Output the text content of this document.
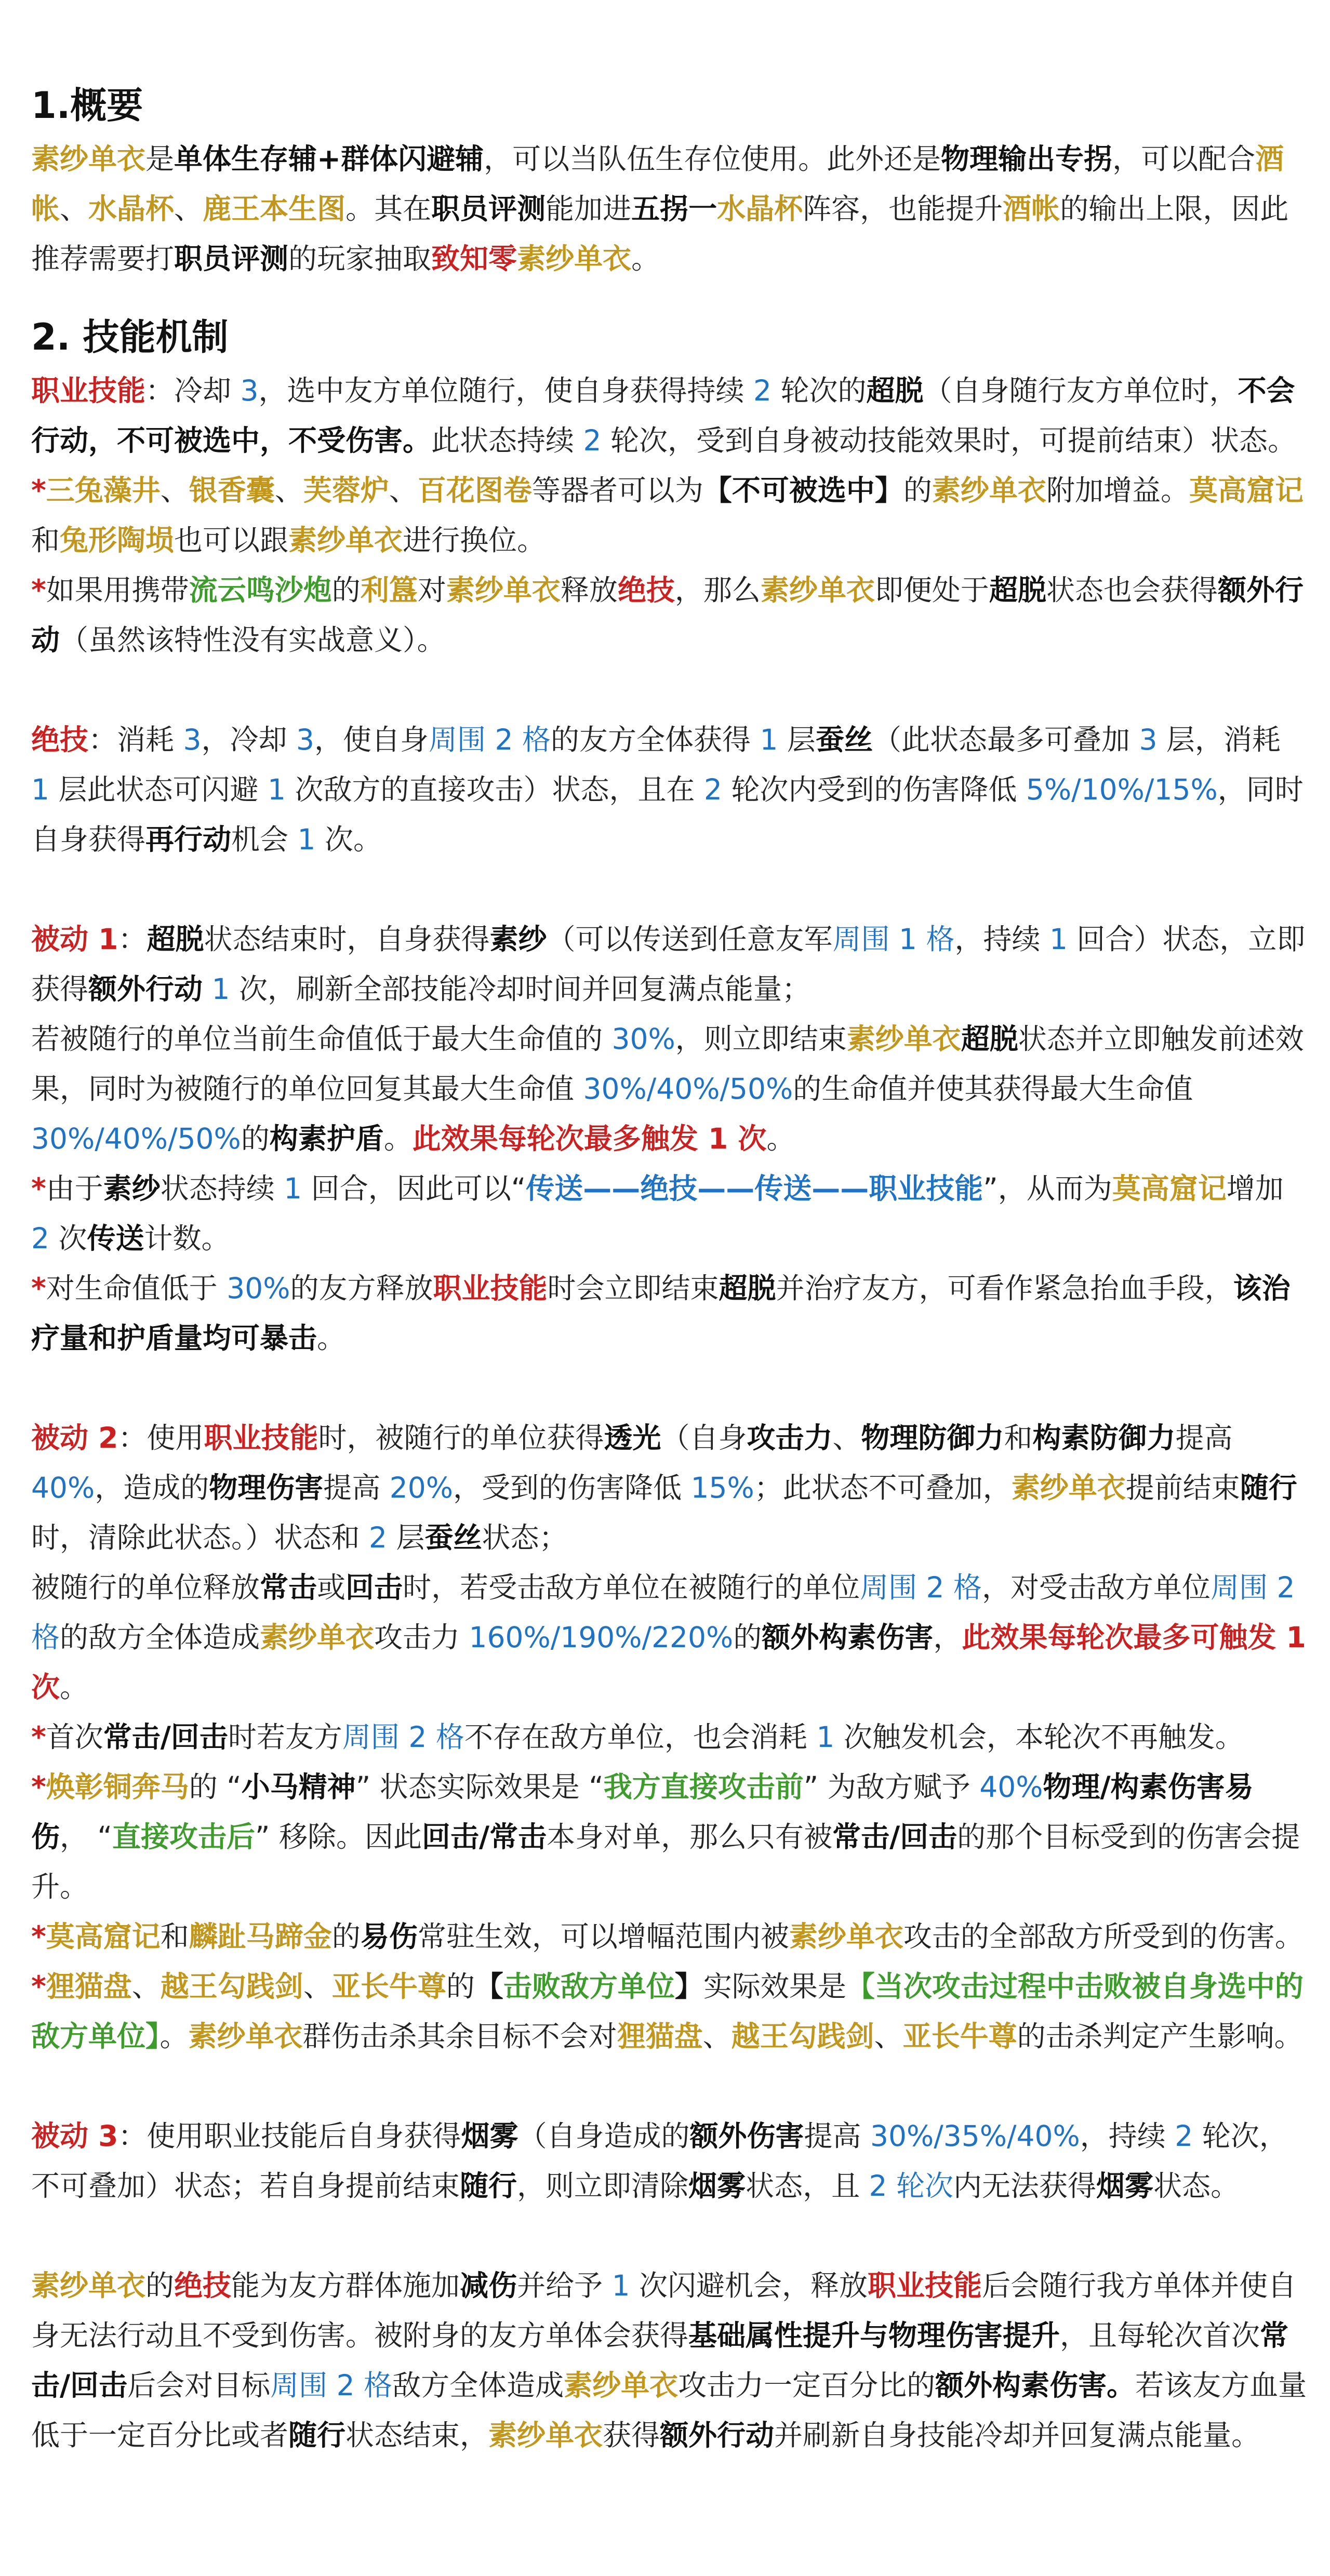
1.概要

素纱单衣是单体生存辅+群体闪避辅，可以当队伍生存位使用。此外还是物理输出专拐，可以配合酒帐、水晶杯、鹿王本生图。其在职员评测能加进五拐一水晶杯阵容，也能提升酒帐的输出上限，因此推荐需要打职员评测的玩家抽取致知零素纱单衣。

2. 技能机制

职业技能：冷却 3，选中友方单位随行，使自身获得持续 2 轮次的超脱（自身随行友方单位时，不会行动，不可被选中，不受伤害。此状态持续 2 轮次，受到自身被动技能效果时，可提前结束）状态。

*三兔藻井、银香囊、芙蓉炉、百花图卷等器者可以为【不可被选中】的素纱单衣附加增益。莫高窟记和兔形陶埙也可以跟素纱单衣进行换位。

*如果用携带流云鸣沙炮的利簋对素纱单衣释放绝技，那么素纱单衣即便处于超脱状态也会获得额外行动（虽然该特性没有实战意义）。

绝技：消耗 3，冷却 3，使自身周围 2 格的友方全体获得 1 层蚕丝（此状态最多可叠加 3 层，消耗 1 层此状态可闪避 1 次敌方的直接攻击）状态，且在 2 轮次内受到的伤害降低 5%/10%/15%，同时自身获得再行动机会 1 次。

被动 1：超脱状态结束时，自身获得素纱（可以传送到任意友军周围 1 格，持续 1 回合）状态，立即获得额外行动 1 次，刷新全部技能冷却时间并回复满点能量；

若被随行的单位当前生命值低于最大生命值的 30%，则立即结束素纱单衣超脱状态并立即触发前述效果，同时为被随行的单位回复其最大生命值 30%/40%/50%的生命值并使其获得最大生命值 30%/40%/50%的构素护盾。此效果每轮次最多触发 1 次。

*由于素纱状态持续 1 回合，因此可以“传送——绝技——传送——职业技能”，从而为莫高窟记增加 2 次传送计数。

*对生命值低于 30%的友方释放职业技能时会立即结束超脱并治疗友方，可看作紧急抬血手段，该治疗量和护盾量均可暴击。

被动 2：使用职业技能时，被随行的单位获得透光（自身攻击力、物理防御力和构素防御力提高 40%，造成的物理伤害提高 20%，受到的伤害降低 15%；此状态不可叠加，素纱单衣提前结束随行时，清除此状态。）状态和 2 层蚕丝状态；

被随行的单位释放常击或回击时，若受击敌方单位在被随行的单位周围 2 格，对受击敌方单位周围 2 格的敌方全体造成素纱单衣攻击力 160%/190%/220%的额外构素伤害，此效果每轮次最多可触发 1 次。

*首次常击/回击时若友方周围 2 格不存在敌方单位，也会消耗 1 次触发机会，本轮次不再触发。

*焕彰铜奔马的 “小马精神” 状态实际效果是 “我方直接攻击前” 为敌方赋予 40%物理/构素伤害易伤， “直接攻击后” 移除。因此回击/常击本身对单，那么只有被常击/回击的那个目标受到的伤害会提升。

*莫高窟记和麟趾马蹄金的易伤常驻生效，可以增幅范围内被素纱单衣攻击的全部敌方所受到的伤害。

*狸猫盘、越王勾践剑、亚长牛尊的【击败敌方单位】实际效果是【当次攻击过程中击败被自身选中的敌方单位】。素纱单衣群伤击杀其余目标不会对狸猫盘、越王勾践剑、亚长牛尊的击杀判定产生影响。

被动 3：使用职业技能后自身获得烟雾（自身造成的额外伤害提高 30%/35%/40%，持续 2 轮次，不可叠加）状态；若自身提前结束随行，则立即清除烟雾状态，且 2 轮次内无法获得烟雾状态。

素纱单衣的绝技能为友方群体施加减伤并给予 1 次闪避机会，释放职业技能后会随行我方单体并使自身无法行动且不受到伤害。被附身的友方单体会获得基础属性提升与物理伤害提升，且每轮次首次常击/回击后会对目标周围 2 格敌方全体造成素纱单衣攻击力一定百分比的额外构素伤害。若该友方血量低于一定百分比或者随行状态结束，素纱单衣获得额外行动并刷新自身技能冷却并回复满点能量。
